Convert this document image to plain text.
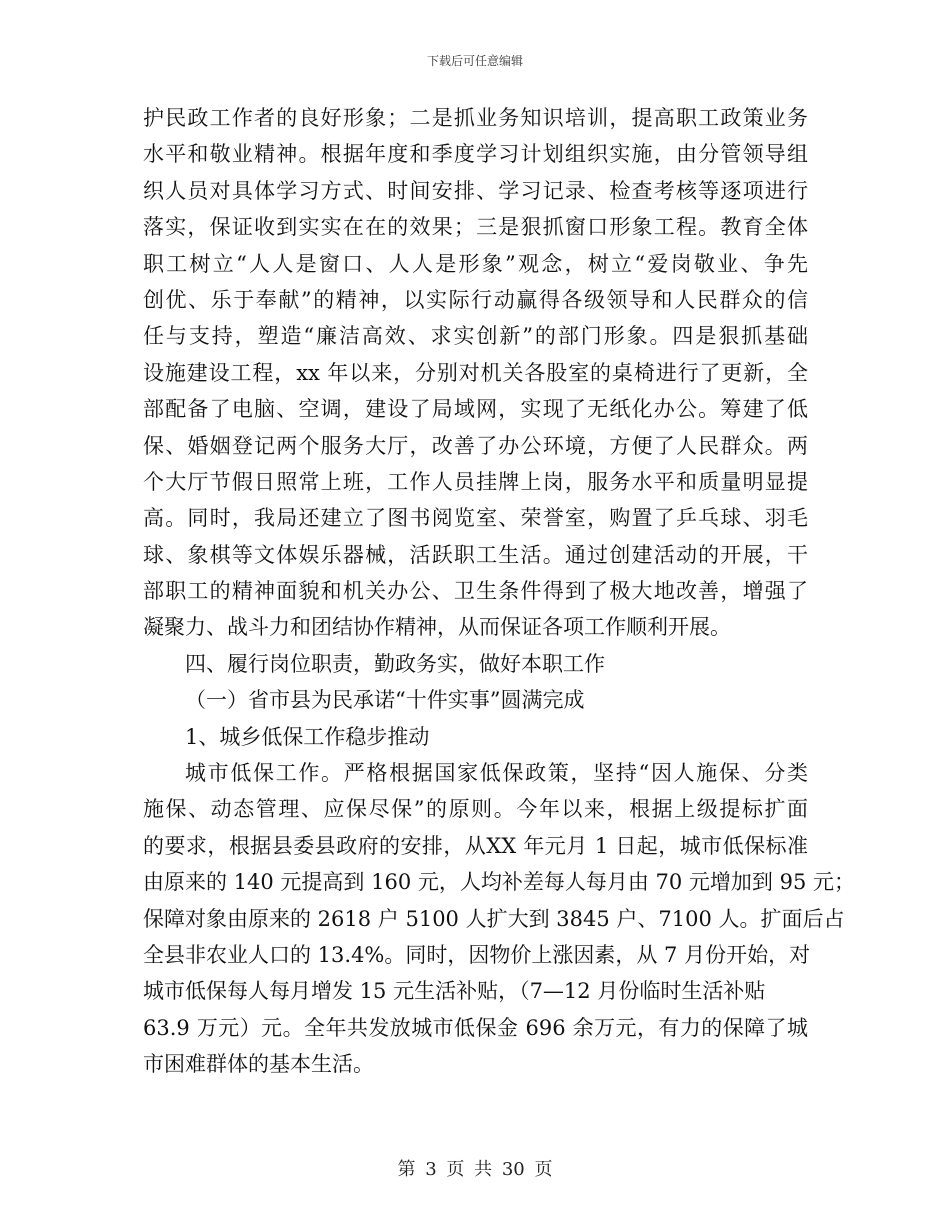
下载后可任意编辑
护民政工作者的良好形象；二是抓业务知识培训，提高职工政策业务
水平和敬业精神。根据年度和季度学习计划组织实施，由分管领导组
织人员对具体学习方式、时间安排、学习记录、检查考核等逐项进行
落实，保证收到实实在在的效果；三是狠抓窗口形象工程。教育全体
职工树立“人人是窗口、人人是形象”观念，树立“爱岗敬业、争先
创优、乐于奉献”的精神，以实际行动赢得各级领导和人民群众的信
任与支持，塑造“廉洁高效、求实创新”的部门形象。四是狠抓基础
设施建设工程，xx 年以来，分别对机关各股室的桌椅进行了更新，全
部配备了电脑、空调，建设了局域网，实现了无纸化办公。筹建了低
保、婚姻登记两个服务大厅，改善了办公环境，方便了人民群众。两
个大厅节假日照常上班，工作人员挂牌上岗，服务水平和质量明显提
高。同时，我局还建立了图书阅览室、荣誉室，购置了乒乓球、羽毛
球、象棋等文体娱乐器械，活跃职工生活。通过创建活动的开展，干
部职工的精神面貌和机关办公、卫生条件得到了极大地改善，增强了
凝聚力、战斗力和团结协作精神，从而保证各项工作顺利开展。
四、履行岗位职责，勤政务实，做好本职工作
（一）省市县为民承诺“十件实事”圆满完成
1、城乡低保工作稳步推动
城市低保工作。严格根据国家低保政策，坚持“因人施保、分类
施保、动态管理、应保尽保”的原则。今年以来，根据上级提标扩面
的要求，根据县委县政府的安排，从XX 年元月 1 日起，城市低保标准
由原来的 140 元提高到 160 元，人均补差每人每月由 70 元增加到 95 元；
保障对象由原来的 2618 户 5100 人扩大到 3845 户、7100 人。扩面后占
全县非农业人口的 13.4%。同时，因物价上涨因素，从 7 月份开始，对
城市低保每人每月增发 15 元生活补贴，（7—12 月份临时生活补贴
63.9 万元）元。全年共发放城市低保金 696 余万元，有力的保障了城
市困难群体的基本生活。
第 3 页 共 30 页
